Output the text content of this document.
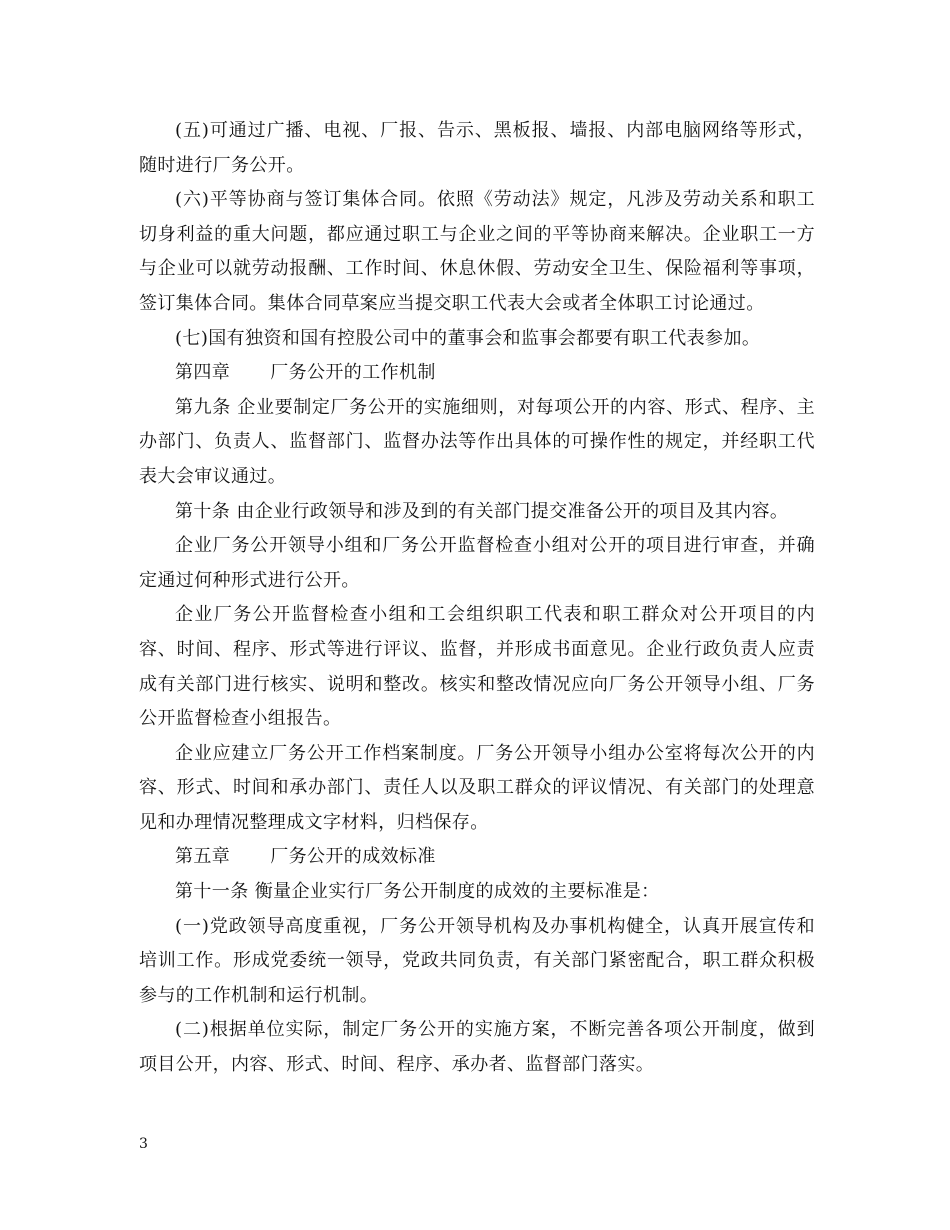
(五)可通过广播、电视、厂报、告示、黑板报、墙报、内部电脑网络等形式，随时进行厂务公开。

(六)平等协商与签订集体合同。依照《劳动法》规定，凡涉及劳动关系和职工切身利益的重大问题，都应通过职工与企业之间的平等协商来解决。企业职工一方与企业可以就劳动报酬、工作时间、休息休假、劳动安全卫生、保险福利等事项，签订集体合同。集体合同草案应当提交职工代表大会或者全体职工讨论通过。

(七)国有独资和国有控股公司中的董事会和监事会都要有职工代表参加。

第四章 厂务公开的工作机制

第九条 企业要制定厂务公开的实施细则，对每项公开的内容、形式、程序、主办部门、负责人、监督部门、监督办法等作出具体的可操作性的规定，并经职工代表大会审议通过。

第十条 由企业行政领导和涉及到的有关部门提交准备公开的项目及其内容。

企业厂务公开领导小组和厂务公开监督检查小组对公开的项目进行审查，并确定通过何种形式进行公开。

企业厂务公开监督检查小组和工会组织职工代表和职工群众对公开项目的内容、时间、程序、形式等进行评议、监督，并形成书面意见。企业行政负责人应责成有关部门进行核实、说明和整改。核实和整改情况应向厂务公开领导小组、厂务公开监督检查小组报告。

企业应建立厂务公开工作档案制度。厂务公开领导小组办公室将每次公开的内容、形式、时间和承办部门、责任人以及职工群众的评议情况、有关部门的处理意见和办理情况整理成文字材料，归档保存。

第五章 厂务公开的成效标准

第十一条 衡量企业实行厂务公开制度的成效的主要标准是：

(一)党政领导高度重视，厂务公开领导机构及办事机构健全，认真开展宣传和培训工作。形成党委统一领导，党政共同负责，有关部门紧密配合，职工群众积极参与的工作机制和运行机制。

(二)根据单位实际，制定厂务公开的实施方案，不断完善各项公开制度，做到项目公开，内容、形式、时间、程序、承办者、监督部门落实。

3
